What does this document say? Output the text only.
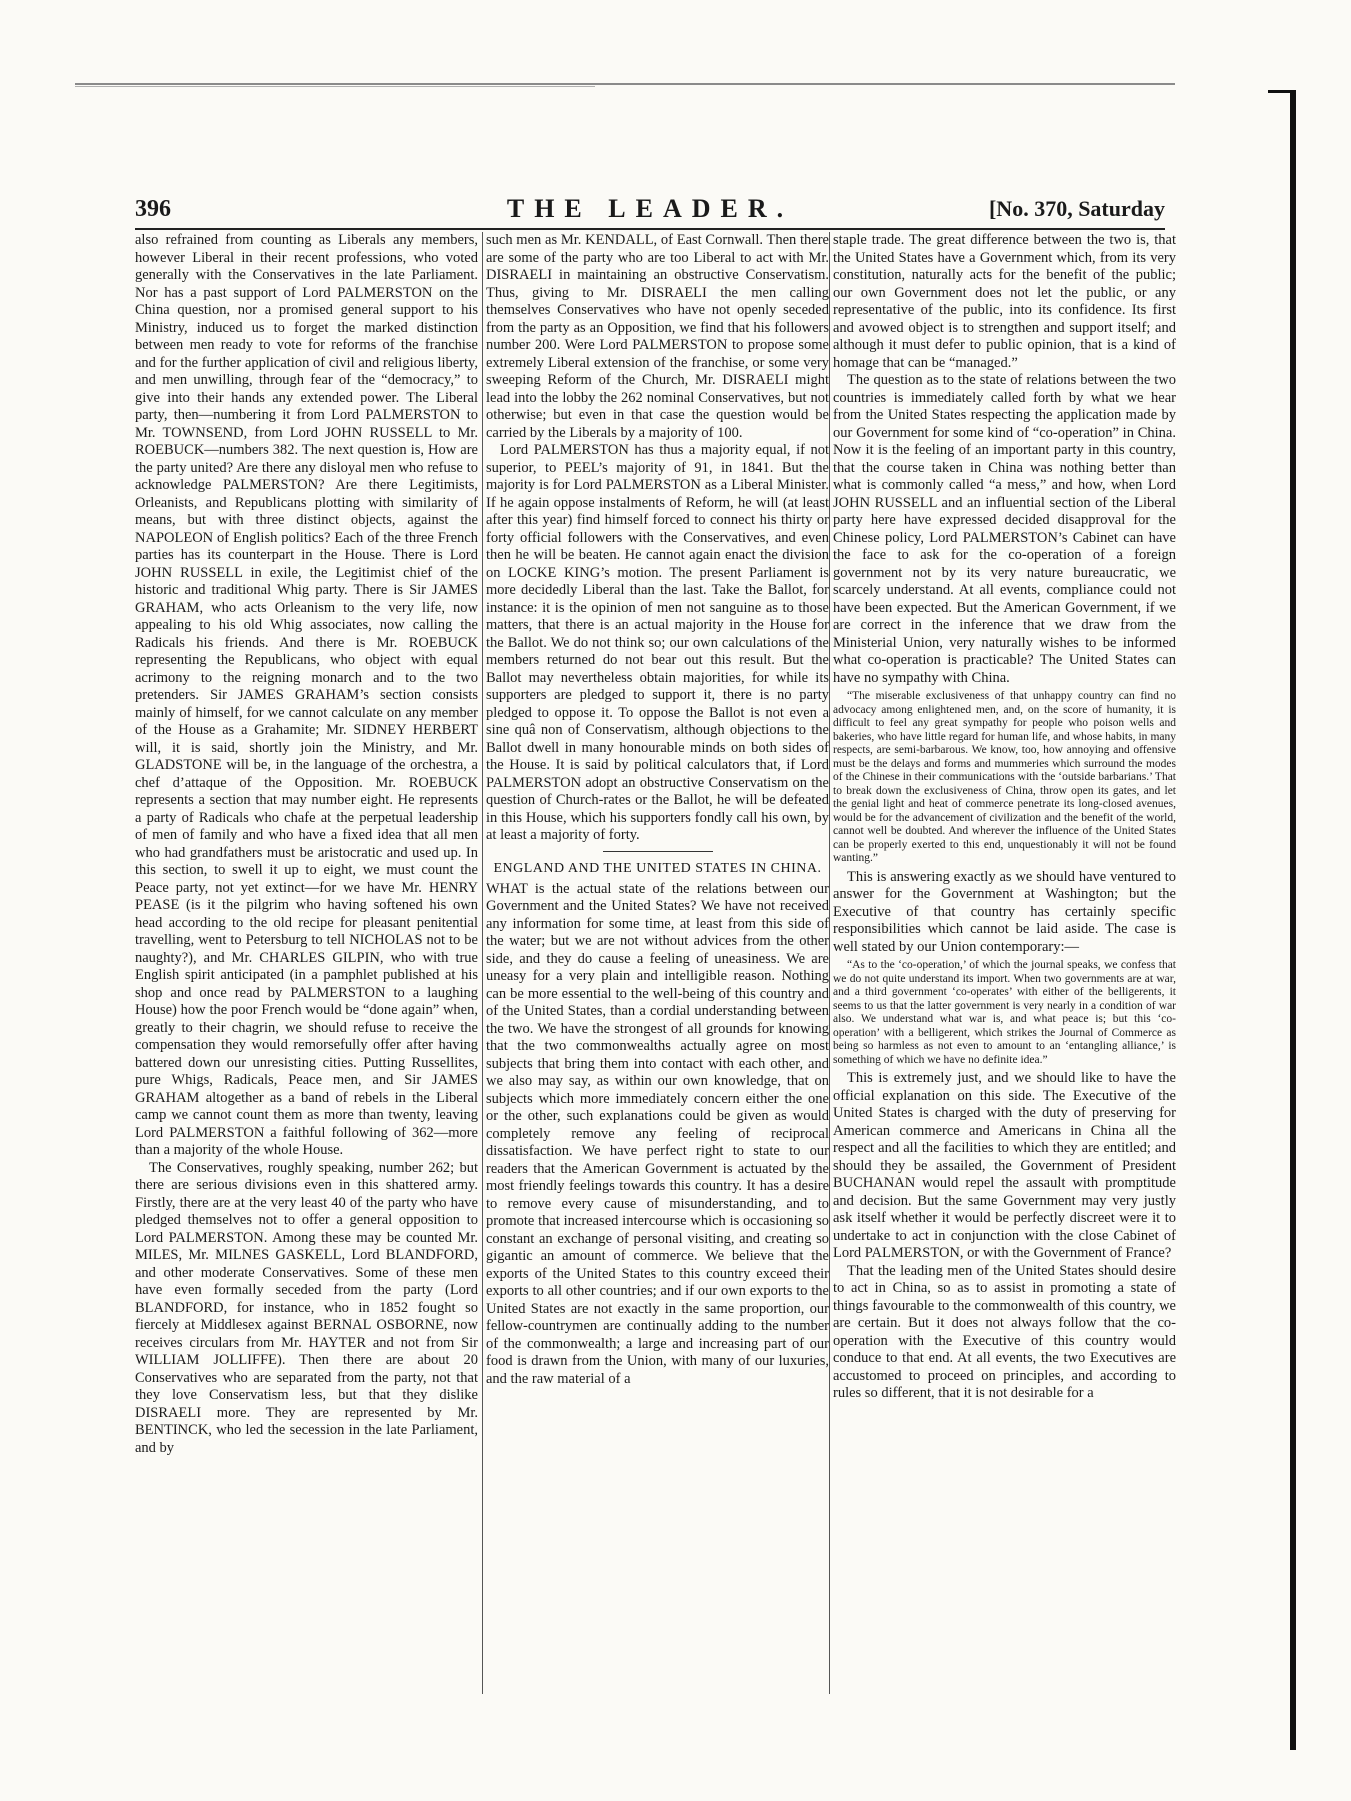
396	THE LEADER.	[No. 370, Saturday

also refrained from counting as Liberals any members, however Liberal in their recent professions, who voted generally with the Conservatives in the late Parliament. Nor has a past support of Lord PALMERSTON on the China question, nor a promised general support to his Ministry, induced us to forget the marked distinction between men ready to vote for reforms of the franchise and for the further application of civil and religious liberty, and men unwilling, through fear of the “democracy,” to give into their hands any extended power. The Liberal party, then—numbering it from Lord PALMERSTON to Mr. TOWNSEND, from Lord JOHN RUSSELL to Mr. ROEBUCK—numbers 382. The next question is, How are the party united? Are there any disloyal men who refuse to acknowledge PALMERSTON? Are there Legitimists, Orleanists, and Republicans plotting with similarity of means, but with three distinct objects, against the NAPOLEON of English politics? Each of the three French parties has its counterpart in the House. There is Lord JOHN RUSSELL in exile, the Legitimist chief of the historic and traditional Whig party. There is Sir JAMES GRAHAM, who acts Orleanism to the very life, now appealing to his old Whig associates, now calling the Radicals his friends. And there is Mr. ROEBUCK representing the Republicans, who object with equal acrimony to the reigning monarch and to the two pretenders. Sir JAMES GRAHAM’s section consists mainly of himself, for we cannot calculate on any member of the House as a Grahamite; Mr. SIDNEY HERBERT will, it is said, shortly join the Ministry, and Mr. GLADSTONE will be, in the language of the orchestra, a chef d’attaque of the Opposition. Mr. ROEBUCK represents a section that may number eight. He represents a party of Radicals who chafe at the perpetual leadership of men of family and who have a fixed idea that all men who had grandfathers must be aristocratic and used up. In this section, to swell it up to eight, we must count the Peace party, not yet extinct—for we have Mr. HENRY PEASE (is it the pilgrim who having softened his own head according to the old recipe for pleasant penitential travelling, went to Petersburg to tell NICHOLAS not to be naughty?), and Mr. CHARLES GILPIN, who with true English spirit anticipated (in a pamphlet published at his shop and once read by PALMERSTON to a laughing House) how the poor French would be “done again” when, greatly to their chagrin, we should refuse to receive the compensation they would remorsefully offer after having battered down our unresisting cities. Putting Russellites, pure Whigs, Radicals, Peace men, and Sir JAMES GRAHAM altogether as a band of rebels in the Liberal camp we cannot count them as more than twenty, leaving Lord PALMERSTON a faithful following of 362—more than a majority of the whole House.

The Conservatives, roughly speaking, number 262; but there are serious divisions even in this shattered army. Firstly, there are at the very least 40 of the party who have pledged themselves not to offer a general opposition to Lord PALMERSTON. Among these may be counted Mr. MILES, Mr. MILNES GASKELL, Lord BLANDFORD, and other moderate Conservatives. Some of these men have even formally seceded from the party (Lord BLANDFORD, for instance, who in 1852 fought so fiercely at Middlesex against BERNAL OSBORNE, now receives circulars from Mr. HAYTER and not from Sir WILLIAM JOLLIFFE). Then there are about 20 Conservatives who are separated from the party, not that they love Conservatism less, but that they dislike DISRAELI more. They are represented by Mr. BENTINCK, who led the secession in the late Parliament, and by

such men as Mr. KENDALL, of East Cornwall. Then there are some of the party who are too Liberal to act with Mr. DISRAELI in maintaining an obstructive Conservatism. Thus, giving to Mr. DISRAELI the men calling themselves Conservatives who have not openly seceded from the party as an Opposition, we find that his followers number 200. Were Lord PALMERSTON to propose some extremely Liberal extension of the franchise, or some very sweeping Reform of the Church, Mr. DISRAELI might lead into the lobby the 262 nominal Conservatives, but not otherwise; but even in that case the question would be carried by the Liberals by a majority of 100.

Lord PALMERSTON has thus a majority equal, if not superior, to PEEL’s majority of 91, in 1841. But the majority is for Lord PALMERSTON as a Liberal Minister. If he again oppose instalments of Reform, he will (at least after this year) find himself forced to connect his thirty or forty official followers with the Conservatives, and even then he will be beaten. He cannot again enact the division on LOCKE KING’s motion. The present Parliament is more decidedly Liberal than the last. Take the Ballot, for instance: it is the opinion of men not sanguine as to those matters, that there is an actual majority in the House for the Ballot. We do not think so; our own calculations of the members returned do not bear out this result. But the Ballot may nevertheless obtain majorities, for while its supporters are pledged to support it, there is no party pledged to oppose it. To oppose the Ballot is not even a sine quâ non of Conservatism, although objections to the Ballot dwell in many honourable minds on both sides of the House. It is said by political calculators that, if Lord PALMERSTON adopt an obstructive Conservatism on the question of Church-rates or the Ballot, he will be defeated in this House, which his supporters fondly call his own, by at least a majority of forty.

ENGLAND AND THE UNITED STATES IN CHINA.

WHAT is the actual state of the relations between our Government and the United States? We have not received any information for some time, at least from this side of the water; but we are not without advices from the other side, and they do cause a feeling of uneasiness. We are uneasy for a very plain and intelligible reason. Nothing can be more essential to the well-being of this country and of the United States, than a cordial understanding between the two. We have the strongest of all grounds for knowing that the two commonwealths actually agree on most subjects that bring them into contact with each other, and we also may say, as within our own knowledge, that on subjects which more immediately concern either the one or the other, such explanations could be given as would completely remove any feeling of reciprocal dissatisfaction. We have perfect right to state to our readers that the American Government is actuated by the most friendly feelings towards this country. It has a desire to remove every cause of misunderstanding, and to promote that increased intercourse which is occasioning so constant an exchange of personal visiting, and creating so gigantic an amount of commerce. We believe that the exports of the United States to this country exceed their exports to all other countries; and if our own exports to the United States are not exactly in the same proportion, our fellow-countrymen are continually adding to the number of the commonwealth; a large and increasing part of our food is drawn from the Union, with many of our luxuries, and the raw material of a

staple trade. The great difference between the two is, that the United States have a Government which, from its very constitution, naturally acts for the benefit of the public; our own Government does not let the public, or any representative of the public, into its confidence. Its first and avowed object is to strengthen and support itself; and although it must defer to public opinion, that is a kind of homage that can be “managed.”

The question as to the state of relations between the two countries is immediately called forth by what we hear from the United States respecting the application made by our Government for some kind of “co-operation” in China. Now it is the feeling of an important party in this country, that the course taken in China was nothing better than what is commonly called “a mess,” and how, when Lord JOHN RUSSELL and an influential section of the Liberal party here have expressed decided disapproval for the Chinese policy, Lord PALMERSTON’s Cabinet can have the face to ask for the co-operation of a foreign government not by its very nature bureaucratic, we scarcely understand. At all events, compliance could not have been expected. But the American Government, if we are correct in the inference that we draw from the Ministerial Union, very naturally wishes to be informed what co-operation is practicable? The United States can have no sympathy with China.

“The miserable exclusiveness of that unhappy country can find no advocacy among enlightened men, and, on the score of humanity, it is difficult to feel any great sympathy for people who poison wells and bakeries, who have little regard for human life, and whose habits, in many respects, are semi-barbarous. We know, too, how annoying and offensive must be the delays and forms and mummeries which surround the modes of the Chinese in their communications with the ‘outside barbarians.’ That to break down the exclusiveness of China, throw open its gates, and let the genial light and heat of commerce penetrate its long-closed avenues, would be for the advancement of civilization and the benefit of the world, cannot well be doubted. And wherever the influence of the United States can be properly exerted to this end, unquestionably it will not be found wanting.”

This is answering exactly as we should have ventured to answer for the Government at Washington; but the Executive of that country has certainly specific responsibilities which cannot be laid aside. The case is well stated by our Union contemporary:—

“As to the ‘co-operation,’ of which the journal speaks, we confess that we do not quite understand its import. When two governments are at war, and a third government ‘co-operates’ with either of the belligerents, it seems to us that the latter government is very nearly in a condition of war also. We understand what war is, and what peace is; but this ‘co-operation’ with a belligerent, which strikes the Journal of Commerce as being so harmless as not even to amount to an ‘entangling alliance,’ is something of which we have no definite idea.”

This is extremely just, and we should like to have the official explanation on this side. The Executive of the United States is charged with the duty of preserving for American commerce and Americans in China all the respect and all the facilities to which they are entitled; and should they be assailed, the Government of President BUCHANAN would repel the assault with promptitude and decision. But the same Government may very justly ask itself whether it would be perfectly discreet were it to undertake to act in conjunction with the close Cabinet of Lord PALMERSTON, or with the Government of France?

That the leading men of the United States should desire to act in China, so as to assist in promoting a state of things favourable to the commonwealth of this country, we are certain. But it does not always follow that the co-operation with the Executive of this country would conduce to that end. At all events, the two Executives are accustomed to proceed on principles, and according to rules so different, that it is not desirable for a
